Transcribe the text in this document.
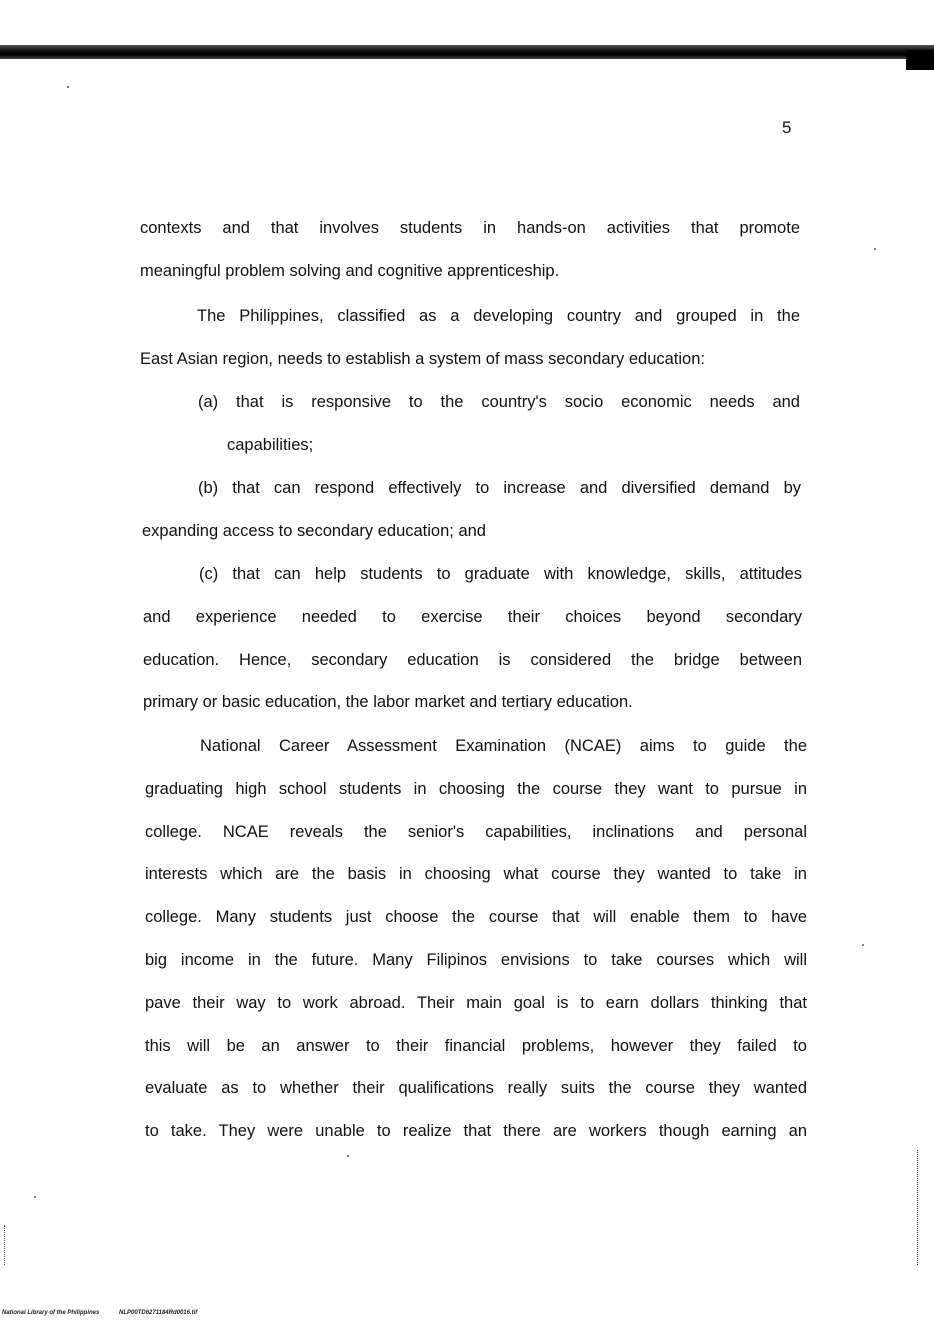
5
contexts and that involves students in hands-on activities that promote
meaningful problem solving and cognitive apprenticeship.
The Philippines, classified as a developing country and grouped in the
East Asian region, needs to establish a system of mass secondary education:
(a) that is responsive to the country's socio economic needs and
capabilities;
(b) that can respond effectively to increase and diversified demand by
expanding access to secondary education; and
(c) that can help students to graduate with knowledge, skills, attitudes
and experience needed to exercise their choices beyond secondary
education. Hence, secondary education is considered the bridge between
primary or basic education, the labor market and tertiary education.
National Career Assessment Examination (NCAE) aims to guide the
graduating high school students in choosing the course they want to pursue in
college. NCAE reveals the senior's capabilities, inclinations and personal
interests which are the basis in choosing what course they wanted to take in
college. Many students just choose the course that will enable them to have
big income in the future. Many Filipinos envisions to take courses which will
pave their way to work abroad. Their main goal is to earn dollars thinking that
this will be an answer to their financial problems, however they failed to
evaluate as to whether their qualifications really suits the course they wanted
to take. They were unable to realize that there are workers though earning an
National Library of the Philippines	NLP00TD6271184Rd0016.tif
